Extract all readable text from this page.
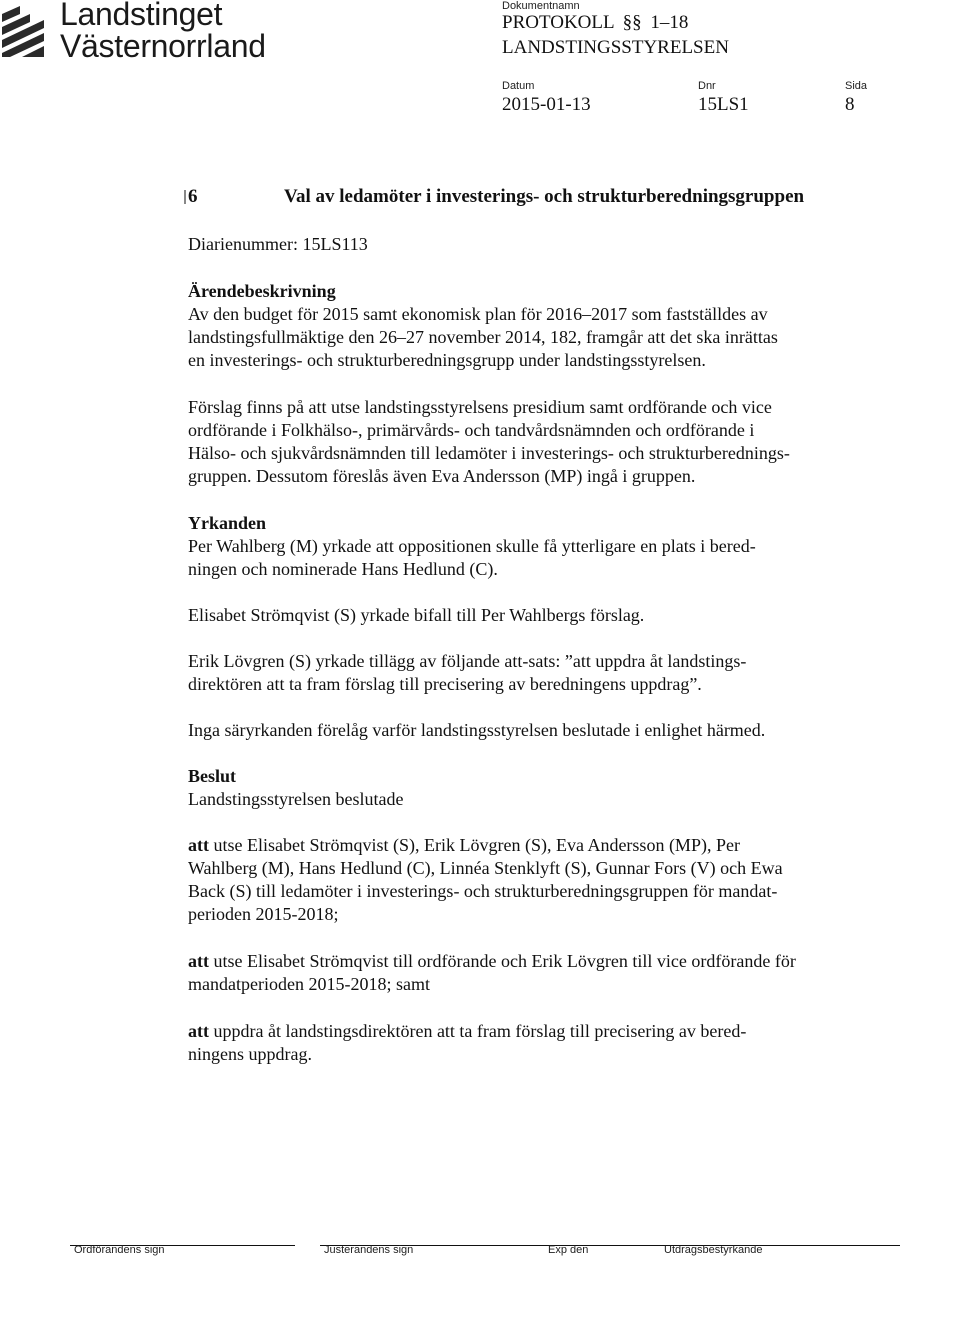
Landstinget
Västernorrland
Dokumentnamn
PROTOKOLL §§ 1–18
LANDSTINGSSTYRELSEN
Datum
2015-01-13
Dnr
15LS1
Sida
8
6	Val av ledamöter i investerings- och strukturberedningsgruppen
Diarienummer: 15LS113
Ärendebeskrivning
Av den budget för 2015 samt ekonomisk plan för 2016–2017 som fastställdes av
landstingsfullmäktige den 26–27 november 2014, 182, framgår att det ska inrättas
en investerings- och strukturberedningsgrupp under landstingsstyrelsen.
Förslag finns på att utse landstingsstyrelsens presidium samt ordförande och vice
ordförande i Folkhälso-, primärvårds- och tandvårdsnämnden och ordförande i
Hälso- och sjukvårdsnämnden till ledamöter i investerings- och strukturberednings-
gruppen. Dessutom föreslås även Eva Andersson (MP) ingå i gruppen.
Yrkanden
Per Wahlberg (M) yrkade att oppositionen skulle få ytterligare en plats i bered-
ningen och nominerade Hans Hedlund (C).
Elisabet Strömqvist (S) yrkade bifall till Per Wahlbergs förslag.
Erik Lövgren (S) yrkade tillägg av följande att-sats: ”att uppdra åt landstings-
direktören att ta fram förslag till precisering av beredningens uppdrag”.
Inga säryrkanden förelåg varför landstingsstyrelsen beslutade i enlighet härmed.
Beslut
Landstingsstyrelsen beslutade
att utse Elisabet Strömqvist (S), Erik Lövgren (S), Eva Andersson (MP), Per
Wahlberg (M), Hans Hedlund (C), Linnéa Stenklyft (S), Gunnar Fors (V) och Ewa
Back (S) till ledamöter i investerings- och strukturberedningsgruppen för mandat-
perioden 2015-2018;
att utse Elisabet Strömqvist till ordförande och Erik Lövgren till vice ordförande för
mandatperioden 2015-2018; samt
att uppdra åt landstingsdirektören att ta fram förslag till precisering av bered-
ningens uppdrag.
Ordförandens sign	Justerandens sign	Exp den	Utdragsbestyrkande
